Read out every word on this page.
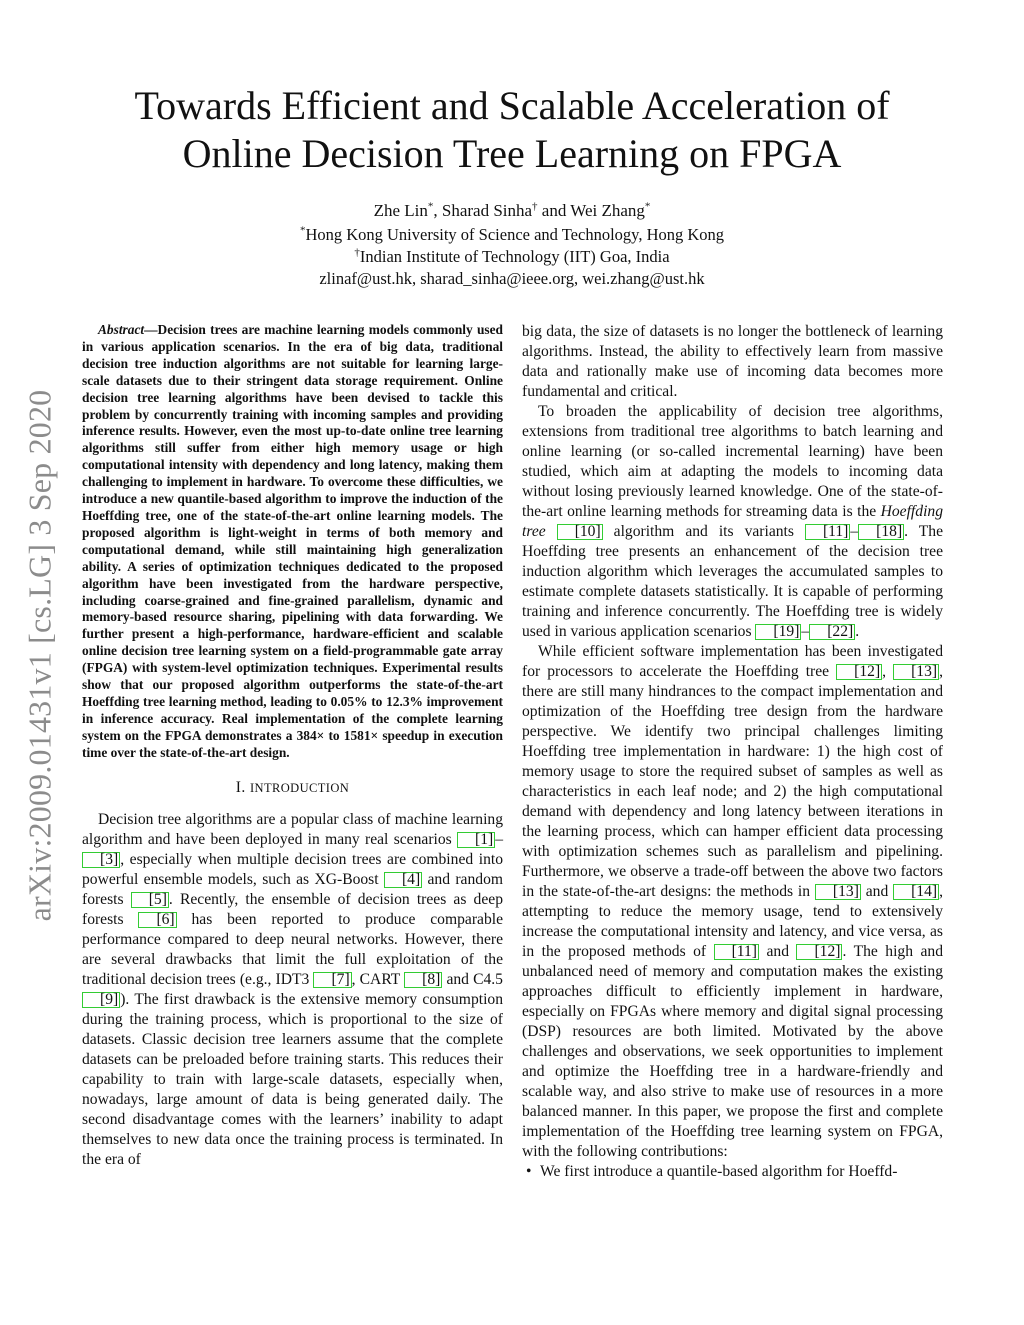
arXiv:2009.01431v1 [cs.LG] 3 Sep 2020
Towards Efficient and Scalable Acceleration of
Online Decision Tree Learning on FPGA
Zhe Lin*, Sharad Sinha† and Wei Zhang*
*Hong Kong University of Science and Technology, Hong Kong
†Indian Institute of Technology (IIT) Goa, India
zlinaf@ust.hk, sharad_sinha@ieee.org, wei.zhang@ust.hk

Abstract—Decision trees are machine learning models commonly used in various application scenarios. In the era of big data, traditional decision tree induction algorithms are not suitable for learning large-scale datasets due to their stringent data storage requirement. Online decision tree learning algorithms have been devised to tackle this problem by concurrently training with incoming samples and providing inference results. However, even the most up-to-date online tree learning algorithms still suffer from either high memory usage or high computational intensity with dependency and long latency, making them challenging to implement in hardware. To overcome these difficulties, we introduce a new quantile-based algorithm to improve the induction of the Hoeffding tree, one of the state-of-the-art online learning models. The proposed algorithm is light-weight in terms of both memory and computational demand, while still maintaining high generalization ability. A series of optimization techniques dedicated to the proposed algorithm have been investigated from the hardware perspective, including coarse-grained and fine-grained parallelism, dynamic and memory-based resource sharing, pipelining with data forwarding. We further present a high-performance, hardware-efficient and scalable online decision tree learning system on a field-programmable gate array (FPGA) with system-level optimization techniques. Experimental results show that our proposed algorithm outperforms the state-of-the-art Hoeffding tree learning method, leading to 0.05% to 12.3% improvement in inference accuracy. Real implementation of the complete learning system on the FPGA demonstrates a 384× to 1581× speedup in execution time over the state-of-the-art design.

I. INTRODUCTION

Decision tree algorithms are a popular class of machine learning algorithm and have been deployed in many real scenarios [1] –[3] , especially when multiple decision trees are combined into powerful ensemble models, such as XG-Boost [4] and random forests [5] . Recently, the ensemble of decision trees as deep forests [6] has been reported to produce comparable performance compared to deep neural networks. However, there are several drawbacks that limit the full exploitation of the traditional decision trees (e.g., IDT3 [7] , CART [8] and C4.5 [9] ). The first drawback is the extensive memory consumption during the training process, which is proportional to the size of datasets. Classic decision tree learners assume that the complete datasets can be preloaded before training starts. This reduces their capability to train with large-scale datasets, especially when, nowadays, large amount of data is being generated daily. The second disadvantage comes with the learners’ inability to adapt themselves to new data once the training process is terminated. In the era of

big data, the size of datasets is no longer the bottleneck of learning algorithms. Instead, the ability to effectively learn from massive data and rationally make use of incoming data becomes more fundamental and critical.

To broaden the applicability of decision tree algorithms, extensions from traditional tree algorithms to batch learning and online learning (or so-called incremental learning) have been studied, which aim at adapting the models to incoming data without losing previously learned knowledge. One of the state-of-the-art online learning methods for streaming data is the Hoeffding tree [10] algorithm and its variants [11] – [18] . The Hoeffding tree presents an enhancement of the decision tree induction algorithm which leverages the accumulated samples to estimate complete datasets statistically. It is capable of performing training and inference concurrently. The Hoeffding tree is widely used in various application scenarios [19] – [22] .

While efficient software implementation has been investigated for processors to accelerate the Hoeffding tree [12] , [13] , there are still many hindrances to the compact implementation and optimization of the Hoeffding tree design from the hardware perspective. We identify two principal challenges limiting Hoeffding tree implementation in hardware: 1) the high cost of memory usage to store the required subset of samples as well as characteristics in each leaf node; and 2) the high computational demand with dependency and long latency between iterations in the learning process, which can hamper efficient data processing with optimization schemes such as parallelism and pipelining. Furthermore, we observe a trade-off between the above two factors in the state-of-the-art designs: the methods in [13] and [14] , attempting to reduce the memory usage, tend to extensively increase the computational intensity and latency, and vice versa, as in the proposed methods of [11] and [12] . The high and unbalanced need of memory and computation makes the existing approaches difficult to efficiently implement in hardware, especially on FPGAs where memory and digital signal processing (DSP) resources are both limited. Motivated by the above challenges and observations, we seek opportunities to implement and optimize the Hoeffding tree in a hardware-friendly and scalable way, and also strive to make use of resources in a more balanced manner. In this paper, we propose the first and complete implementation of the Hoeffding tree learning system on FPGA, with the following contributions:

• We first introduce a quantile-based algorithm for Hoeffd-
